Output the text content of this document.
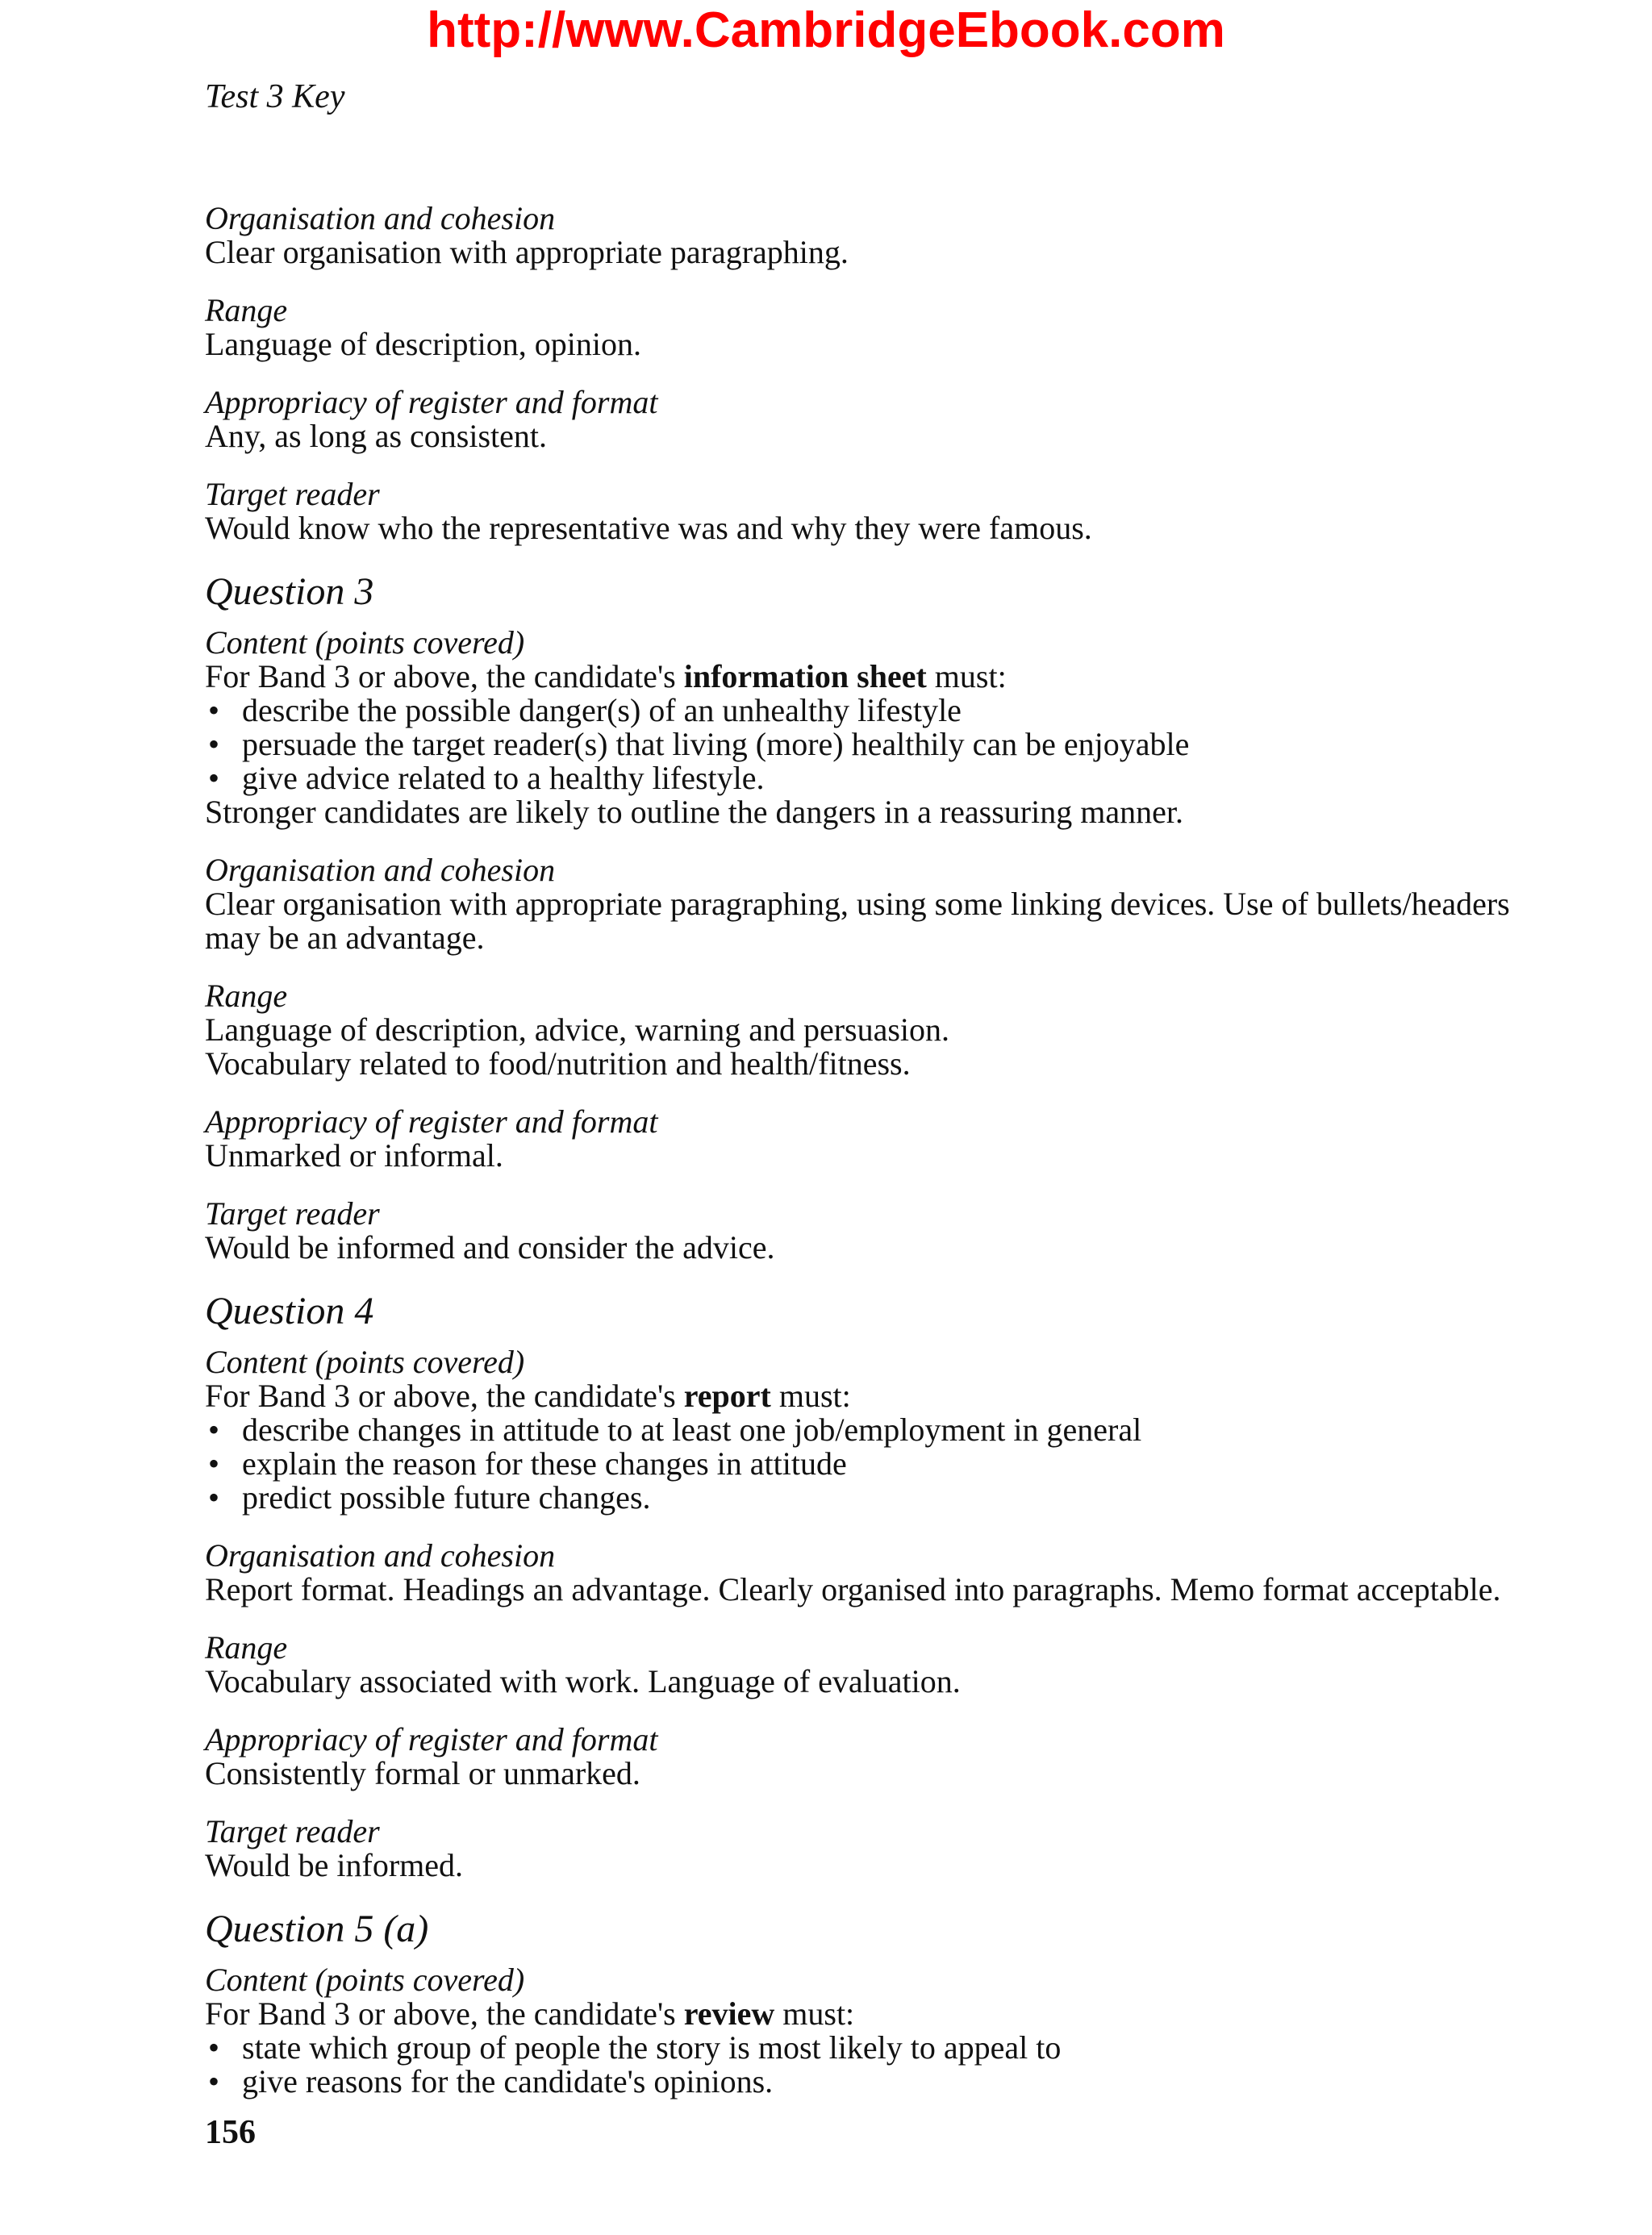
http://www.CambridgeEbook.com
Test 3 Key
Organisation and cohesion
Clear organisation with appropriate paragraphing.
Range
Language of description, opinion.
Appropriacy of register and format
Any, as long as consistent.
Target reader
Would know who the representative was and why they were famous.
Question 3
Content (points covered)
For Band 3 or above, the candidate's information sheet must:
• describe the possible danger(s) of an unhealthy lifestyle
• persuade the target reader(s) that living (more) healthily can be enjoyable
• give advice related to a healthy lifestyle.
Stronger candidates are likely to outline the dangers in a reassuring manner.
Organisation and cohesion
Clear organisation with appropriate paragraphing, using some linking devices. Use of bullets/headers may be an advantage.
Range
Language of description, advice, warning and persuasion.
Vocabulary related to food/nutrition and health/fitness.
Appropriacy of register and format
Unmarked or informal.
Target reader
Would be informed and consider the advice.
Question 4
Content (points covered)
For Band 3 or above, the candidate's report must:
• describe changes in attitude to at least one job/employment in general
• explain the reason for these changes in attitude
• predict possible future changes.
Organisation and cohesion
Report format. Headings an advantage. Clearly organised into paragraphs. Memo format acceptable.
Range
Vocabulary associated with work. Language of evaluation.
Appropriacy of register and format
Consistently formal or unmarked.
Target reader
Would be informed.
Question 5 (a)
Content (points covered)
For Band 3 or above, the candidate's review must:
• state which group of people the story is most likely to appeal to
• give reasons for the candidate's opinions.
156
